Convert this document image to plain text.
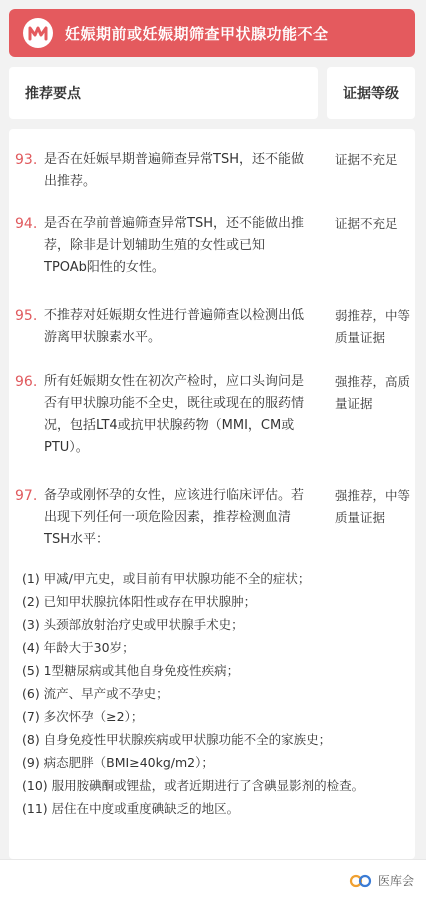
妊娠期前或妊娠期筛查甲状腺功能不全
推荐要点	证据等级
93. 是否在妊娠早期普遍筛查异常TSH，还不能做出推荐。
证据不充足
94. 是否在孕前普遍筛查异常TSH，还不能做出推荐，除非是计划辅助生殖的女性或已知TPOAb阳性的女性。
证据不充足
95. 不推荐对妊娠期女性进行普遍筛查以检测出低游离甲状腺素水平。
弱推荐，中等质量证据
96. 所有妊娠期女性在初次产检时，应口头询问是否有甲状腺功能不全史，既往或现在的服药情况，包括LT4或抗甲状腺药物（MMI，CM或PTU）。
强推荐，高质量证据
97. 备孕或刚怀孕的女性，应该进行临床评估。若出现下列任何一项危险因素，推荐检测血清TSH水平：
强推荐，中等质量证据
(1) 甲减/甲亢史，或目前有甲状腺功能不全的症状；
(2) 已知甲状腺抗体阳性或存在甲状腺肿；
(3) 头颈部放射治疗史或甲状腺手术史；
(4) 年龄大于30岁；
(5) 1型糖尿病或其他自身免疫性疾病；
(6) 流产、早产或不孕史；
(7) 多次怀孕（≥2）；
(8) 自身免疫性甲状腺疾病或甲状腺功能不全的家族史；
(9) 病态肥胖（BMI≥40kg/m2）；
(10) 服用胺碘酮或锂盐，或者近期进行了含碘显影剂的检查。
(11) 居住在中度或重度碘缺乏的地区。
医库会
